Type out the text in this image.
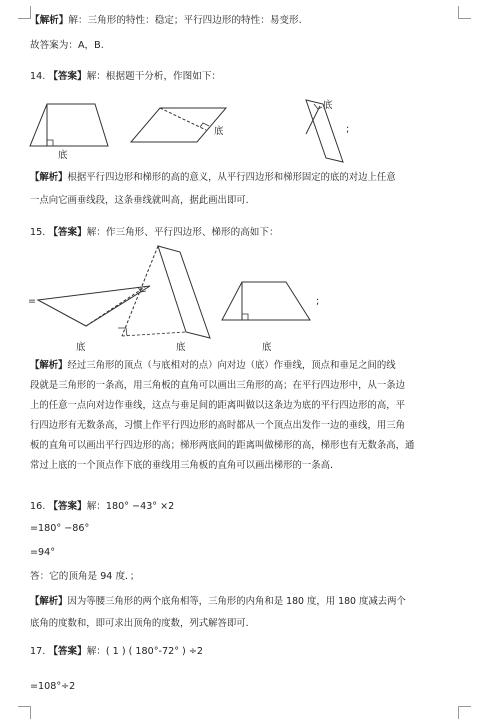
【解析】解：三角形的特性：稳定；平行四边形的特性：易变形.
故答案为：A，B.
14. 【答案】解：根据题干分析，作图如下：
底
底
底
;
【解析】根据平行四边形和梯形的高的意义，从平行四边形和梯形固定的底的对边上任意
一点向它画垂线段，这条垂线就叫高，据此画出即可.
15. 【答案】解：作三角形、平行四边形、梯形的高如下：
=
底	底	底
;
【解析】经过三角形的顶点（与底相对的点）向对边（底）作垂线，顶点和垂足之间的线
段就是三角形的一条高，用三角板的直角可以画出三角形的高；在平行四边形中，从一条边
上的任意一点向对边作垂线，这点与垂足间的距离叫做以这条边为底的平行四边形的高，平
行四边形有无数条高，习惯上作平行四边形的高时都从一个顶点出发作一边的垂线，用三角
板的直角可以画出平行四边形的高；梯形两底间的距离叫做梯形的高，梯形也有无数条高，通
常过上底的一个顶点作下底的垂线用三角板的直角可以画出梯形的一条高.
16. 【答案】解：180° −43° ×2
=180° −86°
=94°
答：它的顶角是 94 度．；
【解析】因为等腰三角形的两个底角相等，三角形的内角和是 180 度，用 180 度减去两个
底角的度数和，即可求出顶角的度数，列式解答即可.
17. 【答案】解：( 1 ) ( 180°-72° ) ÷2
=108°÷2
